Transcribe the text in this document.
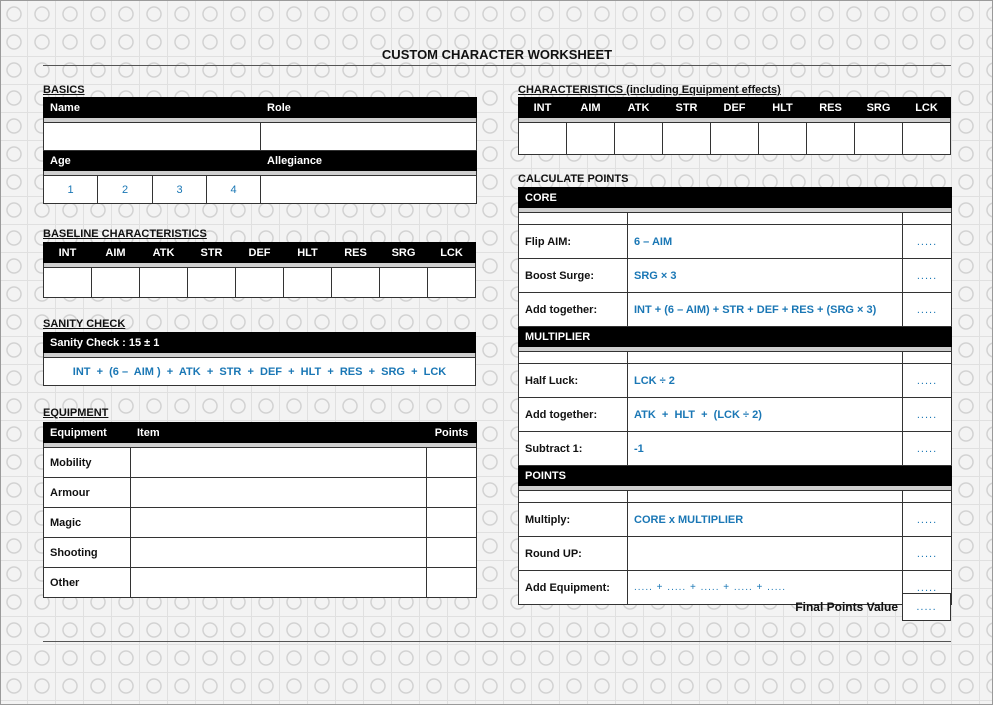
CUSTOM CHARACTER WORKSHEET
BASICS
Name				Role

Age				Allegiance

1	2	3	4	
BASELINE CHARACTERISTICS
INT	AIM	ATK	STR	DEF	HLT	RES	SRG	LCK

SANITY CHECK
Sanity Check : 15 ± 1

INT  +  (6 –  AIM )  +  ATK  +  STR  +  DEF  +  HLT  +  RES  +  SRG  +  LCK
EQUIPMENT
Equipment	Item	Points

Mobility		
Armour		
Magic		
Shooting		
Other		
CHARACTERISTICS (including Equipment effects)
INT	AIM	ATK	STR	DEF	HLT	RES	SRG	LCK

CALCULATE POINTS
CORE		

Flip AIM:	6 – AIM	.....
Boost Surge:	SRG × 3	.....
Add together:	INT + (6 – AIM) + STR + DEF + RES + (SRG × 3)	.....
MULTIPLIER		

Half Luck:	LCK ÷ 2	.....
Add together:	ATK  +  HLT  +  (LCK ÷ 2)	.....
Subtract 1:	-1	.....
POINTS		

Multiply:	CORE x MULTIPLIER	.....
Round UP:		.....
Add Equipment:	..... + ..... + ..... + ..... + .....	.....
Final Points Value	.....
